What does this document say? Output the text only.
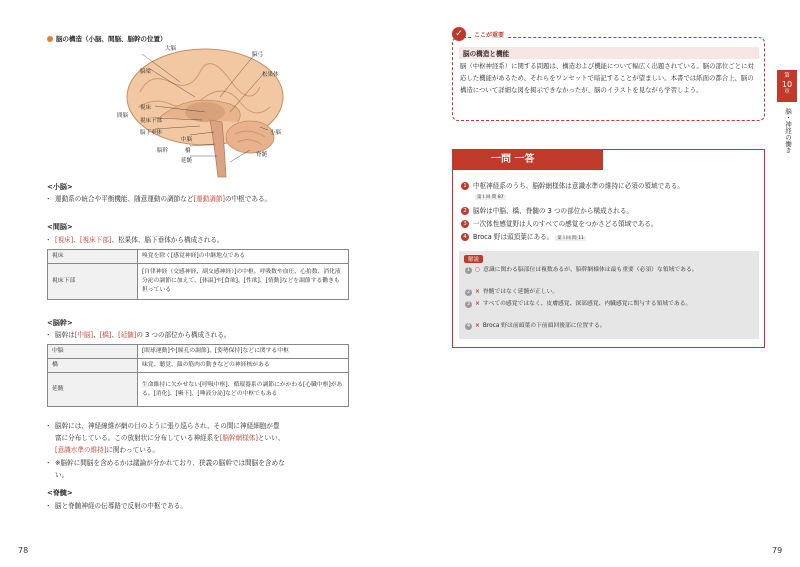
脳の構造（小脳、間脳、脳幹の位置）
大脳
脳梁
脳弓
松果体
視床
間脳
視床下部
脳下垂体
中脳
脳幹	橋
延髄
小脳
脊髄
<小脳>
・ 運動系の統合や平衡機能、随意運動の調節など[運動調節]の中枢である。
<間脳>
・ [視床]、[視床下部]、松果体、脳下垂体から構成される。
視床	嗅覚を除く[感覚神経]の中継地点である
視床下部	[自律神経（交感神経、副交感神経）]の中枢。呼吸数や血圧、心拍数、消化液分泌の調節に加えて、[体温]や[食欲]、[性欲]、[情動]などを調節する働きも担っている
<脳幹>
・ 脳幹は[中脳]、[橋]、[延髄]の 3 つの部位から構成される。
中脳	[眼球運動]や[瞳孔の調節]、[姿勢保持]などに関する中枢
橋	味覚、聴覚、顔の筋肉の動きなどの神経核がある
延髄	生命維持に欠かせない[呼吸中枢]、循環器系の調節にかかわる[心臓中枢]がある。[消化]、[嚥下]、[唾液分泌]などの中枢でもある
・ 脳幹には、神経線維が網の目のように張り巡らされ、その間に神経細胞が豊
富に分布している。この放射状に分布している神経系を[脳幹網様体]といい、
[意識水準の維持]に関わっている。
・ ※脳幹に間脳を含めるかは議論が分かれており、狭義の脳幹では間脳を含めな
い。
<脊髄>
・ 脳と脊髄神経の伝導路で反射の中枢である。
78
ここが重要
脳の構造と機能
脳（中枢神経系）に関する問題は、構造および機能について幅広く出題されている。脳の部位ごとに対応した機能があるため、それらをワンセットで暗記することが望ましい。本書では紙面の都合上、脳の構造について詳細な図を掲示できなかったが、脳のイラストを見ながら学習しよう。
✓
第
10
章
脳・神経の働き
一問 一答
1 中枢神経系のうち、脳幹網様体は意識水準の維持に必須の領域である。
第１回 問 87
2 脳幹は中脳、橋、脊髄の 3 つの部位から構成される。
3 一次体性感覚野は人のすべての感覚をつかさどる領域である。
4 Broca 野は頭頂葉にある。 第１回 問 11
解説
1 ○ 意識に関わる脳部位は複数あるが、脳幹網様体は最も重要（必須）な領域である。
2 × 脊髄ではなく延髄が正しい。
3 × すべての感覚ではなく、皮膚感覚、深部感覚、内臓感覚に関与する領域である。
4 × Broca 野は前頭葉の下前頭回後部に位置する。
79
